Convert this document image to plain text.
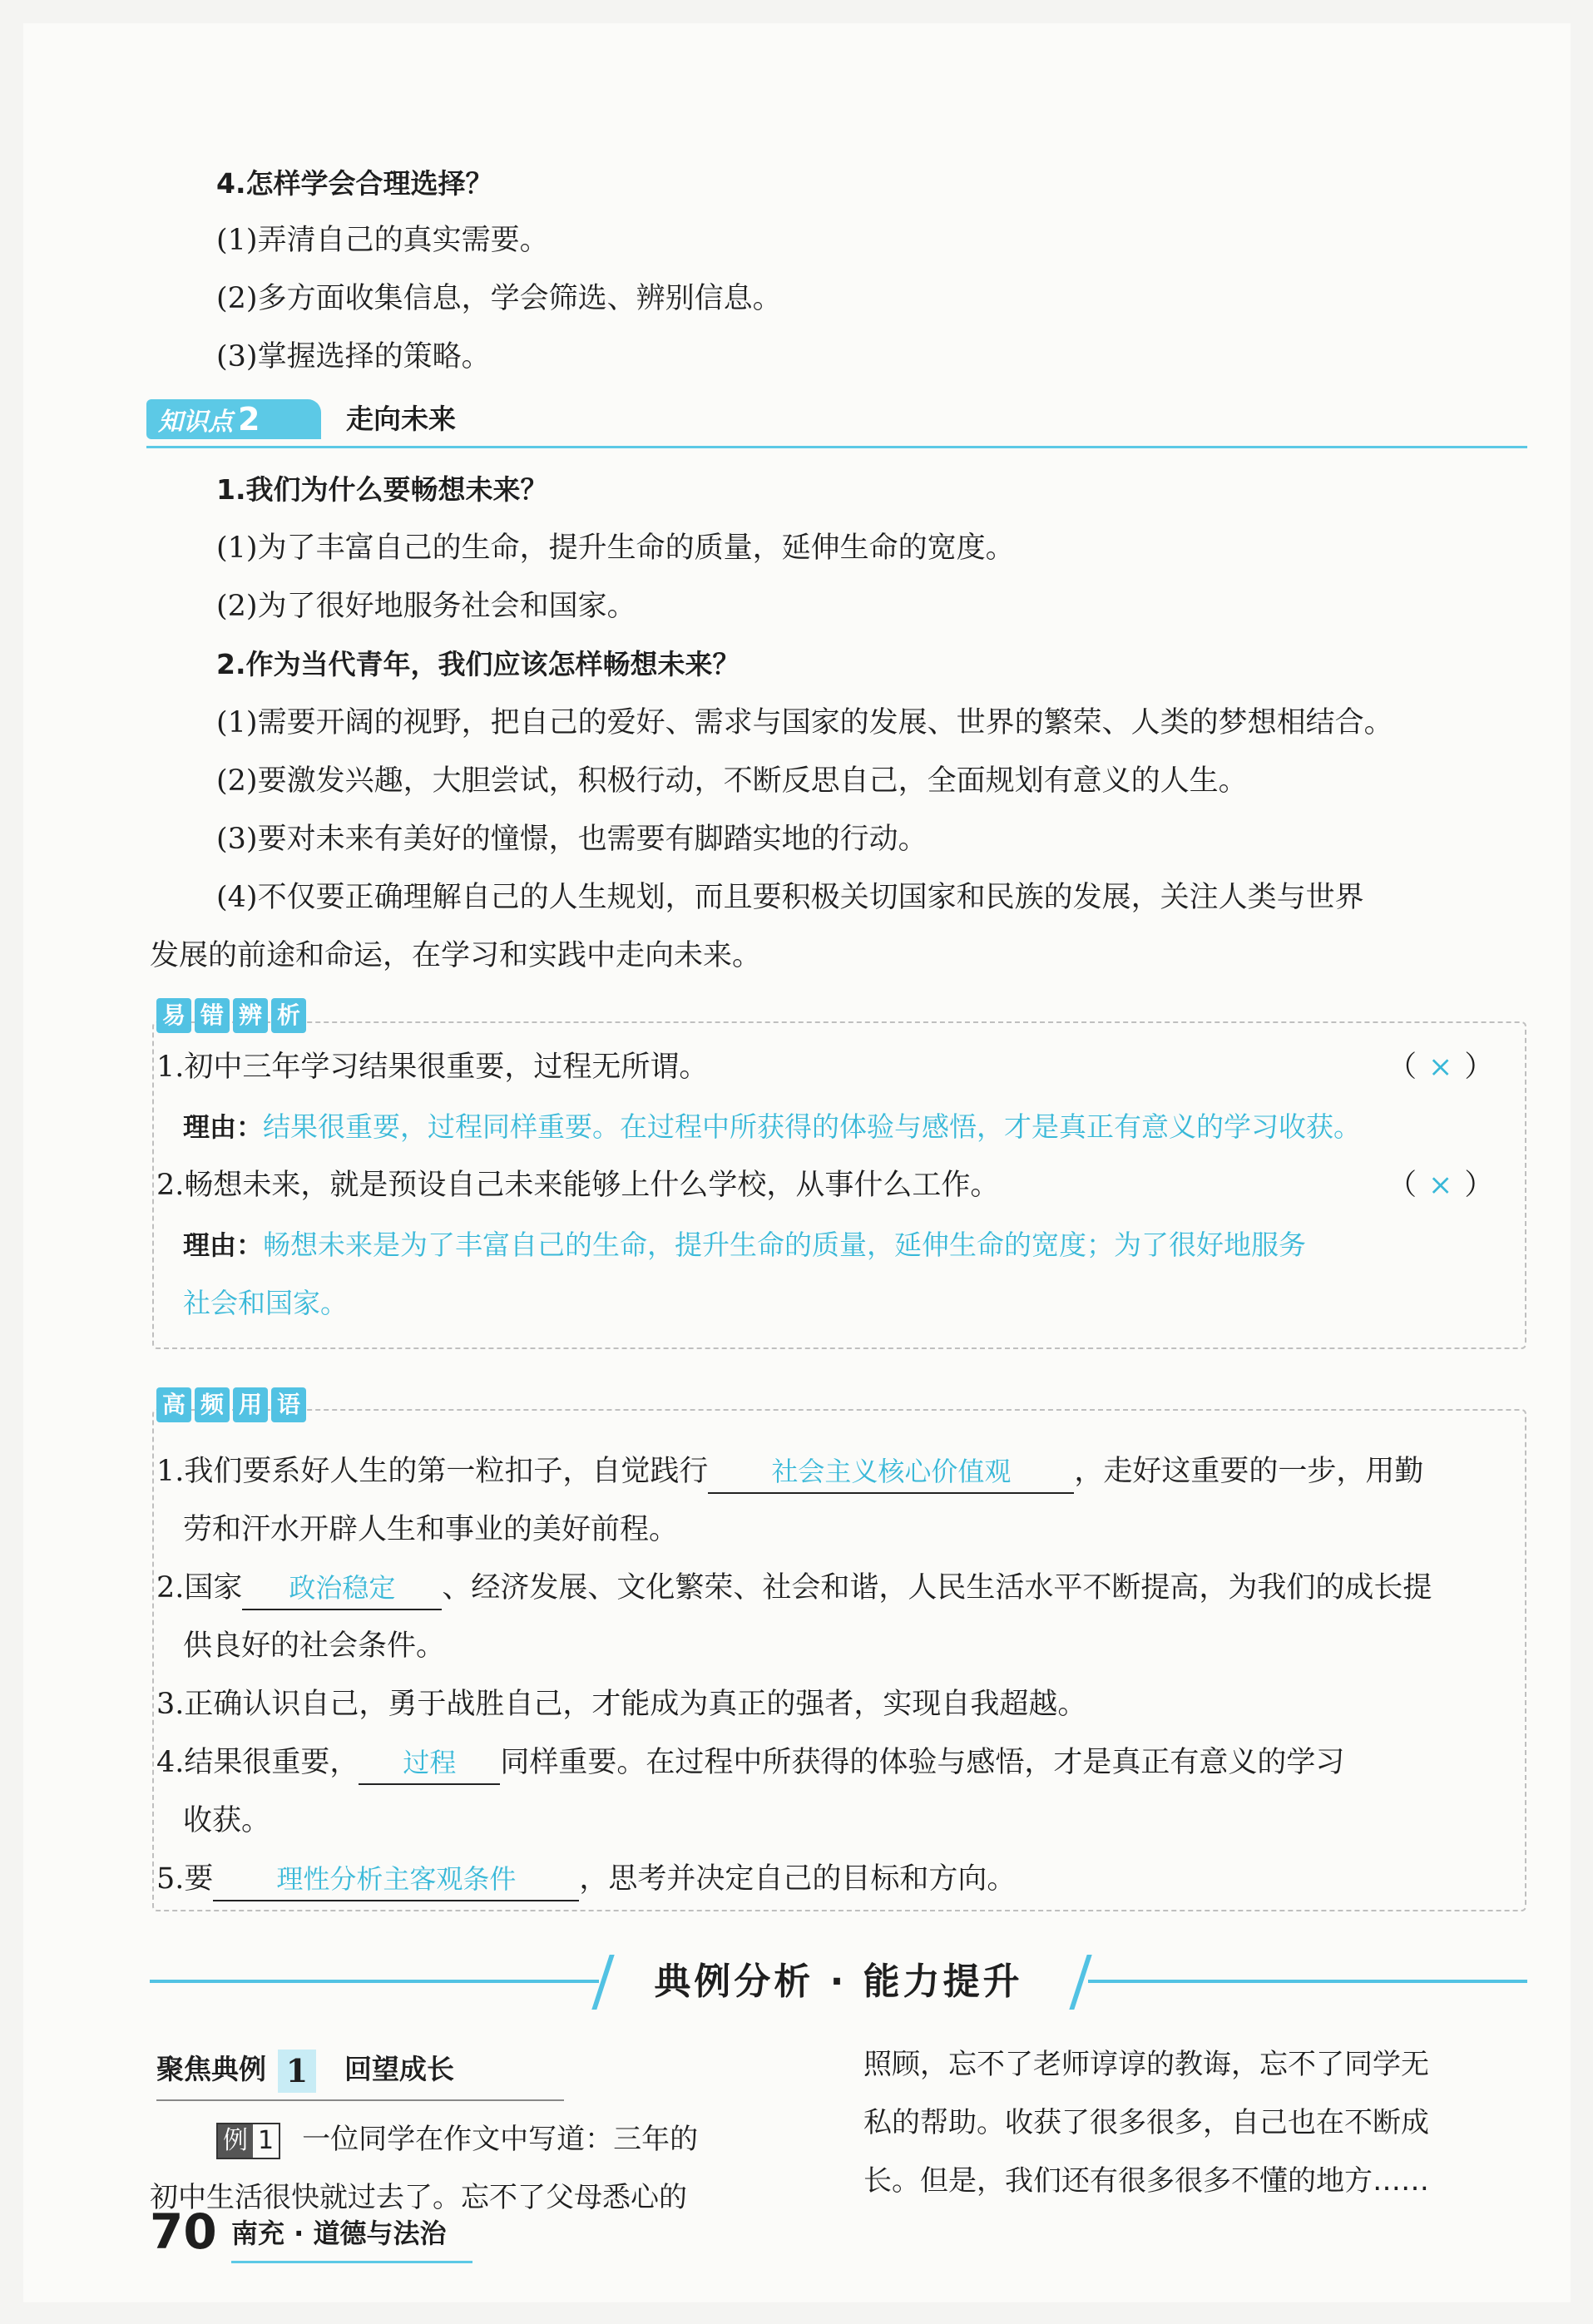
4.怎样学会合理选择？
(1)弄清自己的真实需要。
(2)多方面收集信息，学会筛选、辨别信息。
(3)掌握选择的策略。
知识点 2	走向未来
1.我们为什么要畅想未来？
(1)为了丰富自己的生命，提升生命的质量，延伸生命的宽度。
(2)为了很好地服务社会和国家。
2.作为当代青年，我们应该怎样畅想未来？
(1)需要开阔的视野，把自己的爱好、需求与国家的发展、世界的繁荣、人类的梦想相结合。
(2)要激发兴趣，大胆尝试，积极行动，不断反思自己，全面规划有意义的人生。
(3)要对未来有美好的憧憬，也需要有脚踏实地的行动。
(4)不仅要正确理解自己的人生规划，而且要积极关切国家和民族的发展，关注人类与世界
发展的前途和命运，在学习和实践中走向未来。
易 错 辨 析
1.初中三年学习结果很重要，过程无所谓。	（ × ）
理由：结果很重要，过程同样重要。在过程中所获得的体验与感悟，才是真正有意义的学习收获。
2.畅想未来，就是预设自己未来能够上什么学校，从事什么工作。	（ × ）
理由：畅想未来是为了丰富自己的生命，提升生命的质量，延伸生命的宽度；为了很好地服务
社会和国家。
高 频 用 语
1.我们要系好人生的第一粒扣子，自觉践行 社会主义核心价值观 ，走好这重要的一步，用勤
劳和汗水开辟人生和事业的美好前程。
2.国家 政治稳定 、经济发展、文化繁荣、社会和谐，人民生活水平不断提高，为我们的成长提
供良好的社会条件。
3.正确认识自己，勇于战胜自己，才能成为真正的强者，实现自我超越。
4.结果很重要， 过程 同样重要。在过程中所获得的体验与感悟，才是真正有意义的学习
收获。
5.要 理性分析主客观条件 ，思考并决定自己的目标和方向。
典例分析 · 能力提升
聚焦典例 1 回望成长
例 1 一位同学在作文中写道：三年的
初中生活很快就过去了。忘不了父母悉心的
照顾，忘不了老师谆谆的教诲，忘不了同学无
私的帮助。收获了很多很多，自己也在不断成
长。但是，我们还有很多很多不懂的地方……
70 南充 · 道德与法治
